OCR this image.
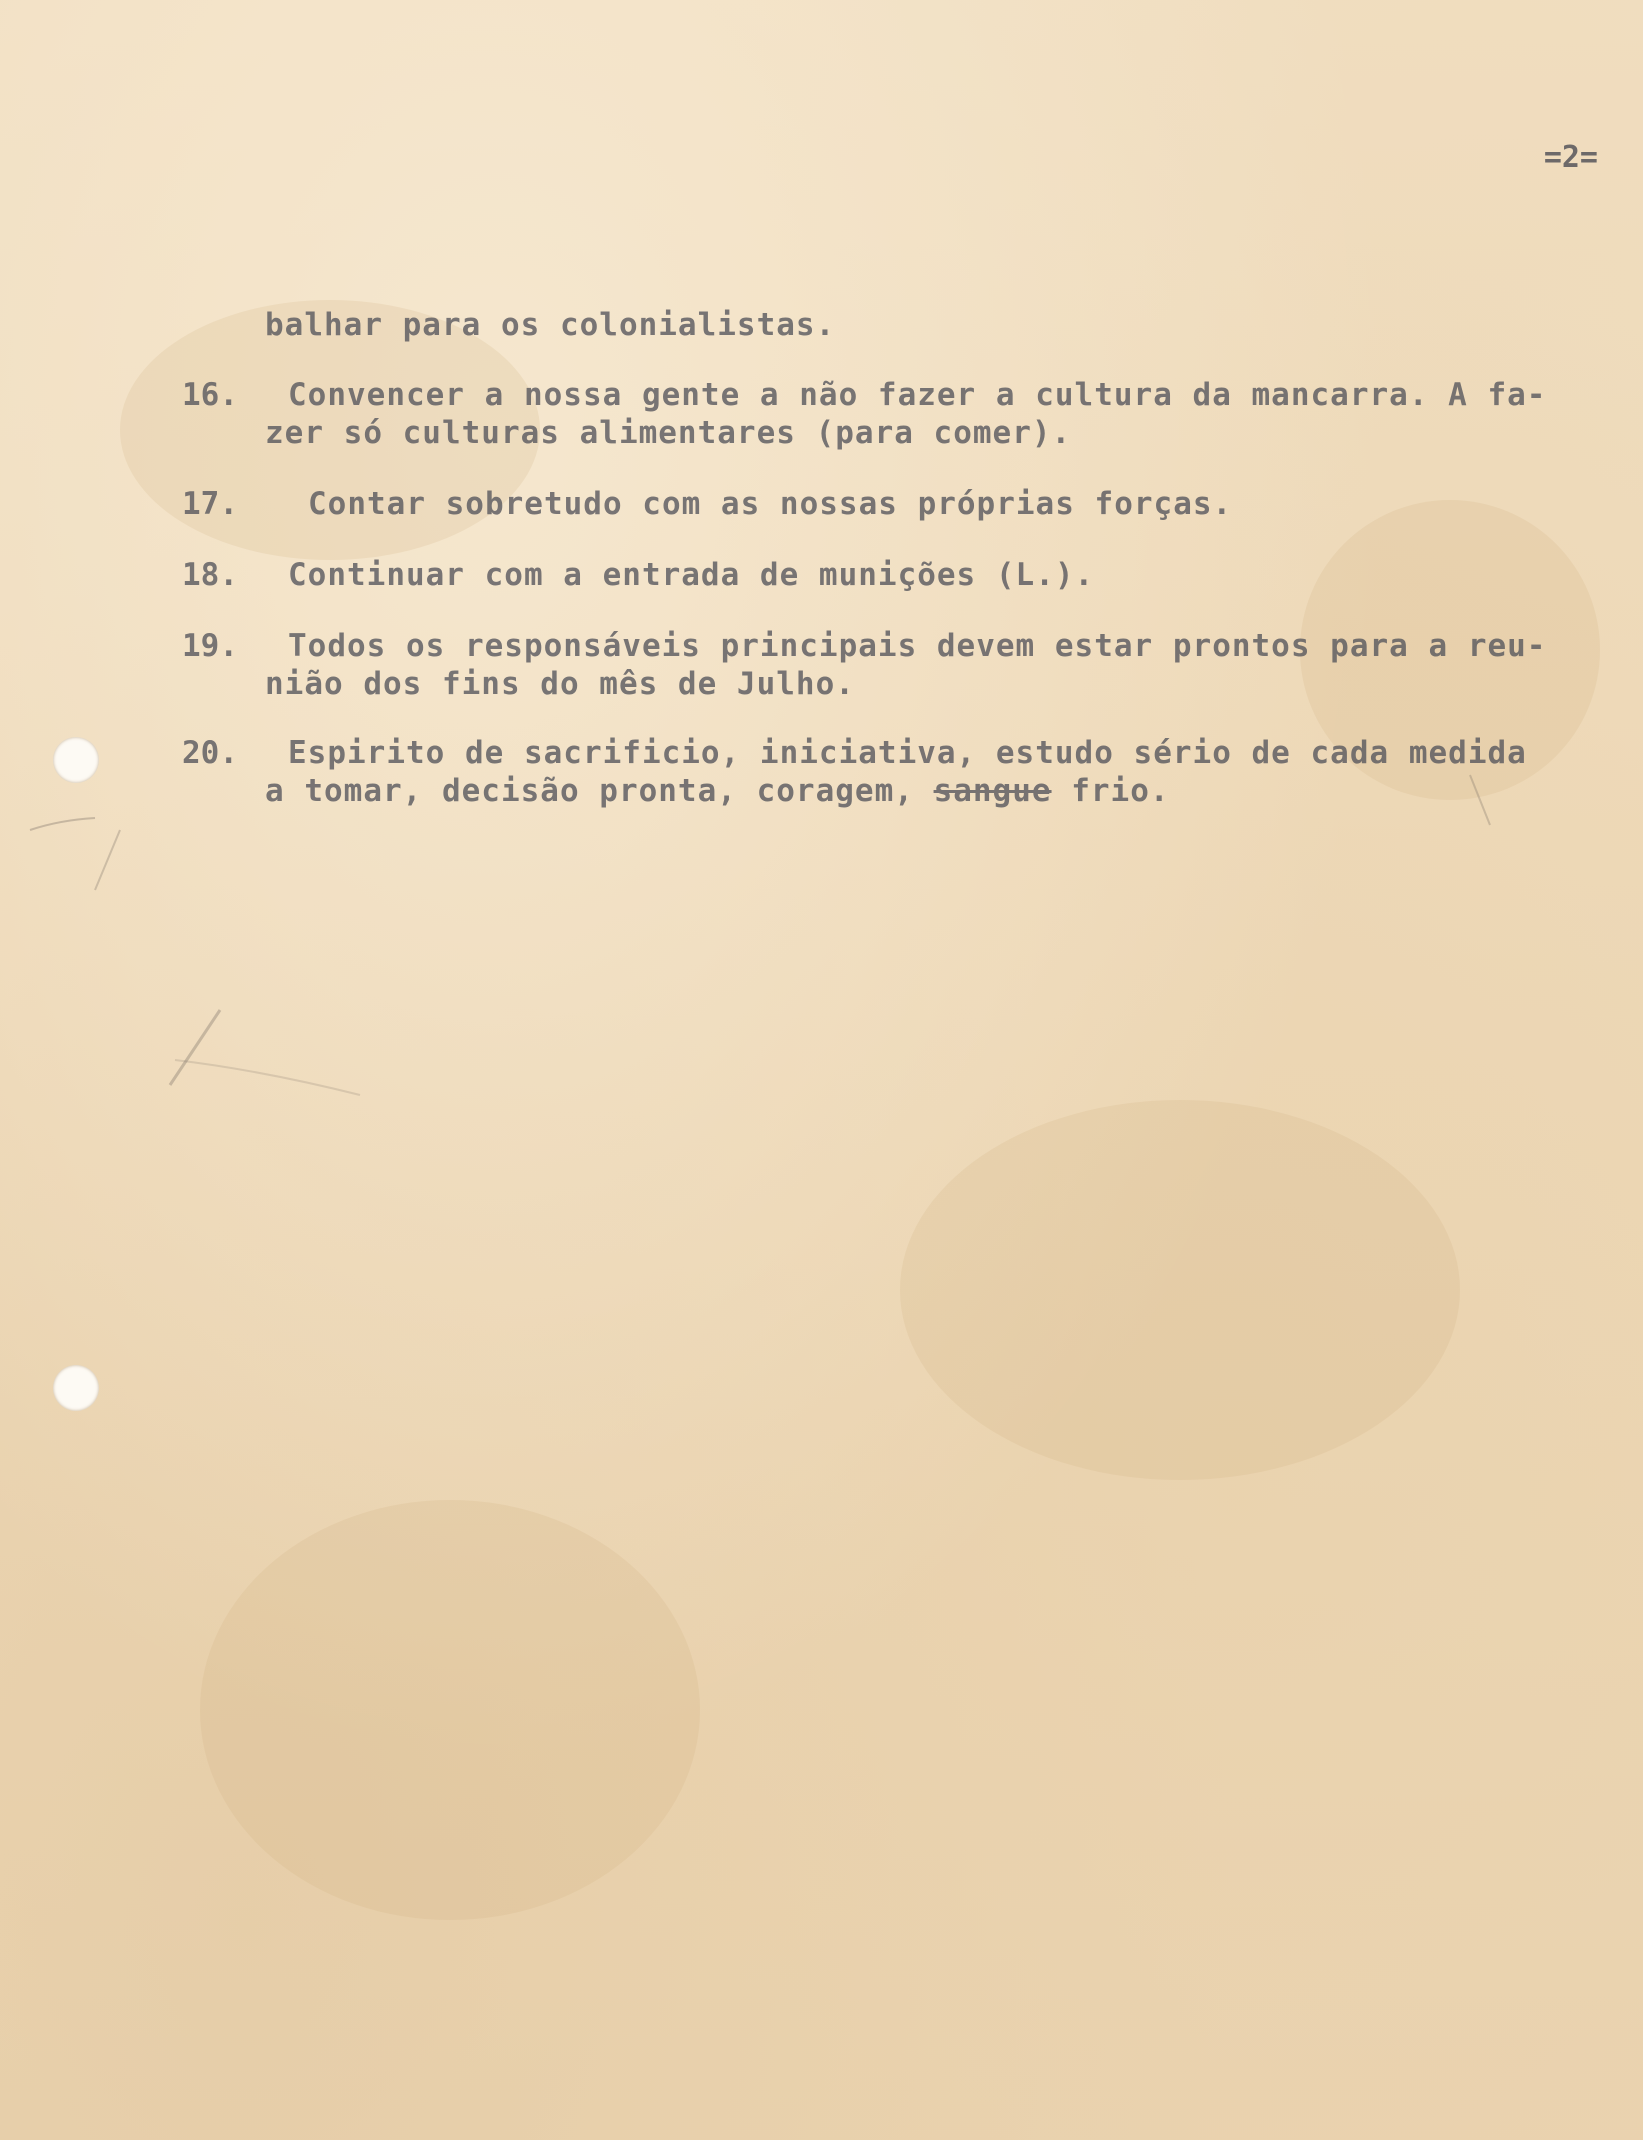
=2=
balhar para os colonialistas.
16. Convencer a nossa gente a não fazer a cultura da mancarra. A fa-
zer só culturas alimentares (para comer).
17. Contar sobretudo com as nossas próprias forças.
18. Continuar com a entrada de munições (L.).
19. Todos os responsáveis principais devem estar prontos para a reu-
nião dos fins do mês de Julho.
20. Espirito de sacrificio, iniciativa, estudo sério de cada medida
a tomar, decisão pronta, coragem, sangue frio.
